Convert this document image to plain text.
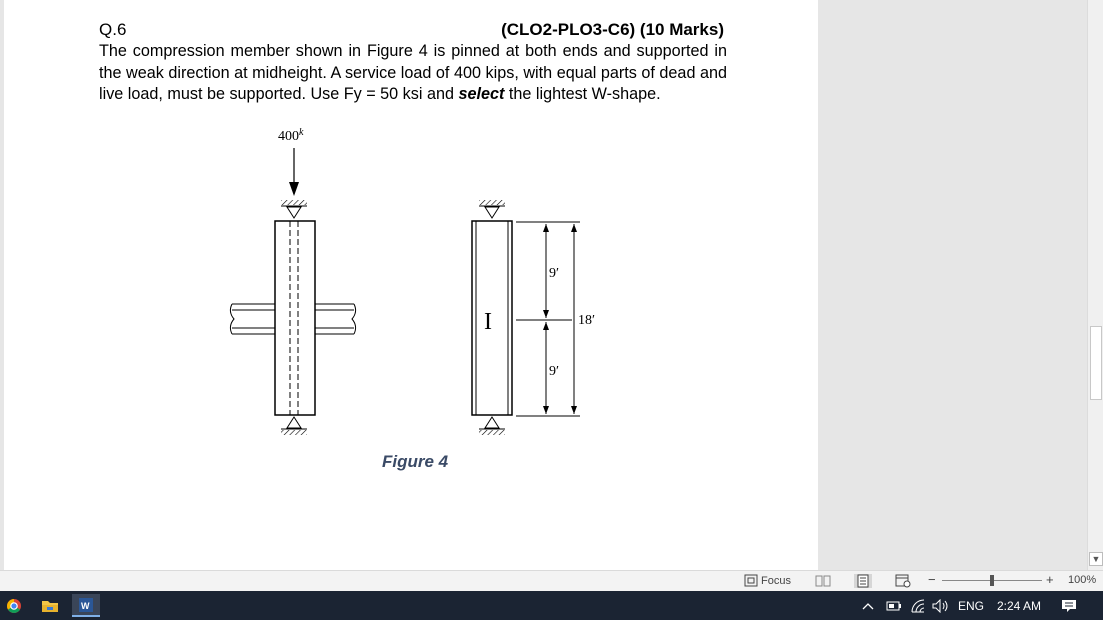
Q.6	(CLO2-PLO3-C6) (10 Marks)
The compression member shown in Figure 4 is pinned at both ends and supported in the weak direction at midheight. A service load of 400 kips, with equal parts of dead and live load, must be supported. Use Fy = 50 ksi and select the lightest W-shape.
400$^k$
I
9′
9′
18′
Figure 4
▼
Focus	−	+ 100%
W	ENG 2:24 AM
